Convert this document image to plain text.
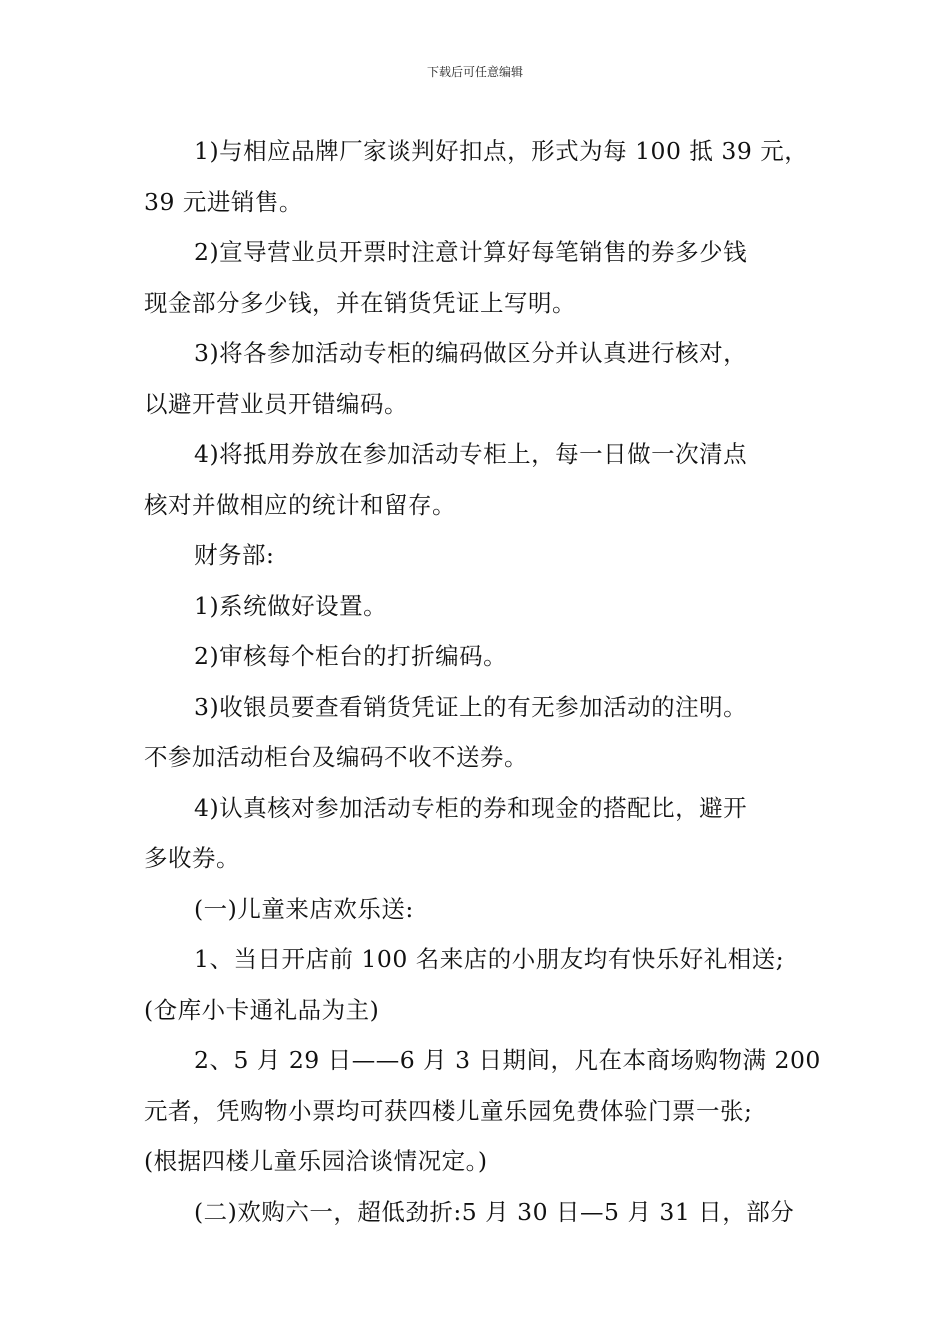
下载后可任意编辑

1)与相应品牌厂家谈判好扣点，形式为每 100 抵 39 元，

39 元进销售。

2)宣导营业员开票时注意计算好每笔销售的券多少钱

现金部分多少钱，并在销货凭证上写明。

3)将各参加活动专柜的编码做区分并认真进行核对，

以避开营业员开错编码。

4)将抵用券放在参加活动专柜上，每一日做一次清点

核对并做相应的统计和留存。

财务部:

1)系统做好设置。

2)审核每个柜台的打折编码。

3)收银员要查看销货凭证上的有无参加活动的注明。

不参加活动柜台及编码不收不送券。

4)认真核对参加活动专柜的券和现金的搭配比，避开

多收券。

(一)儿童来店欢乐送:

1、当日开店前 100 名来店的小朋友均有快乐好礼相送;

(仓库小卡通礼品为主)

2、5 月 29 日——6 月 3 日期间，凡在本商场购物满 200

元者，凭购物小票均可获四楼儿童乐园免费体验门票一张;

(根据四楼儿童乐园洽谈情况定。)

(二)欢购六一，超低劲折:5 月 30 日—5 月 31 日，部分
